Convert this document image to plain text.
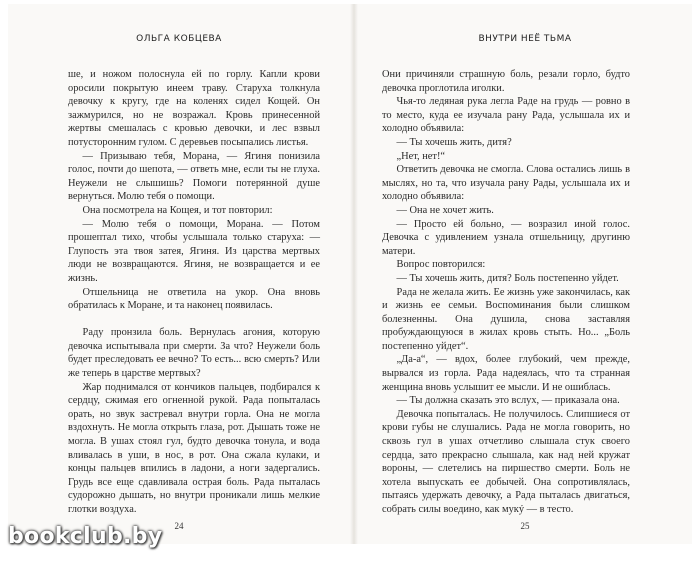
ОЛЬГА КОБЦЕВА

ше, и ножом полоснула ей по горлу. Капли крови оросили покрытую инеем траву. Старуха толкнула девочку к кругу, где на коленях сидел Кощей. Он зажмурился, но не возражал. Кровь принесенной жертвы смешалась с кровью девочки, и лес взвыл потусторонним гулом. С деревьев посыпались листья.

— Призываю тебя, Морана, — Ягиня понизила голос, почти до шепота, — ответь мне, если ты не глуха. Неужели не слышишь? Помоги потерянной душе вернуться. Молю тебя о помощи.

Она посмотрела на Кощея, и тот повторил:

— Молю тебя о помощи, Морана. — Потом прошептал тихо, чтобы услышала только старуха: — Глупость эта твоя затея, Ягиня. Из царства мертвых люди не возвращаются. Ягиня, не возвращается и ее жизнь.

Отшельница не ответила на укор. Она вновь обратилась к Моране, и та наконец появилась.

Раду пронзила боль. Вернулась агония, которую девочка испытывала при смерти. За что? Неужели боль будет преследовать ее вечно? То есть... всю смерть? Или же теперь в царстве мертвых?

Жар поднимался от кончиков пальцев, подбирался к сердцу, сжимая его огненной рукой. Рада попыталась орать, но звук застревал внутри горла. Она не могла вздохнуть. Не могла открыть глаза, рот. Дышать тоже не могла. В ушах стоял гул, будто девочка тонула, и вода вливалась в уши, в нос, в рот. Она сжала кулаки, и концы пальцев впились в ладони, а ноги задергались. Грудь все еще сдавливала острая боль. Рада пыталась судорожно дышать, но внутри проникали лишь мелкие глотки воздуха.

24
ВНУТРИ НЕЁ ТЬМА

Они причиняли страшную боль, резали горло, будто девочка проглотила иголки.

Чья-то ледяная рука легла Раде на грудь — ровно в то место, куда ее изучала рану Рада, услышала их и холодно объявила:

— Ты хочешь жить, дитя?

„Нет, нет!“

Ответить девочка не смогла. Слова остались лишь в мыслях, но та, что изучала рану Рады, услышала их и холодно объявила:

— Она не хочет жить.

— Просто ей больно, — возразил иной голос. Девочка с удивлением узнала отшельницу, другиню матери.

Вопрос повторился:

— Ты хочешь жить, дитя? Боль постепенно уйдет.

Рада не желала жить. Ее жизнь уже закончилась, как и жизнь ее семьи. Воспоминания были слишком болезненны. Она душила, снова заставляя пробуждающуюся в жилах кровь стыть. Но... „Боль постепенно уйдет“.

„Да-а“, — вдох, более глубокий, чем прежде, вырвался из горла. Рада надеялась, что та странная женщина вновь услышит ее мысли. И не ошиблась.

— Ты должна сказать это вслух, — приказала она.

Девочка попыталась. Не получилось. Слипшиеся от крови губы не слушались. Рада не могла говорить, но сквозь гул в ушах отчетливо слышала стук своего сердца, зато прекрасно слышала, как над ней кружат вороны, — слетелись на пиршество смерти. Боль не хотела выпускать ее добычей. Она сопротивлялась, пытаясь удержать девочку, а Рада пыталась двигаться, собрать силы воедино, как мукý — в тесто.

25
bookclub.by
